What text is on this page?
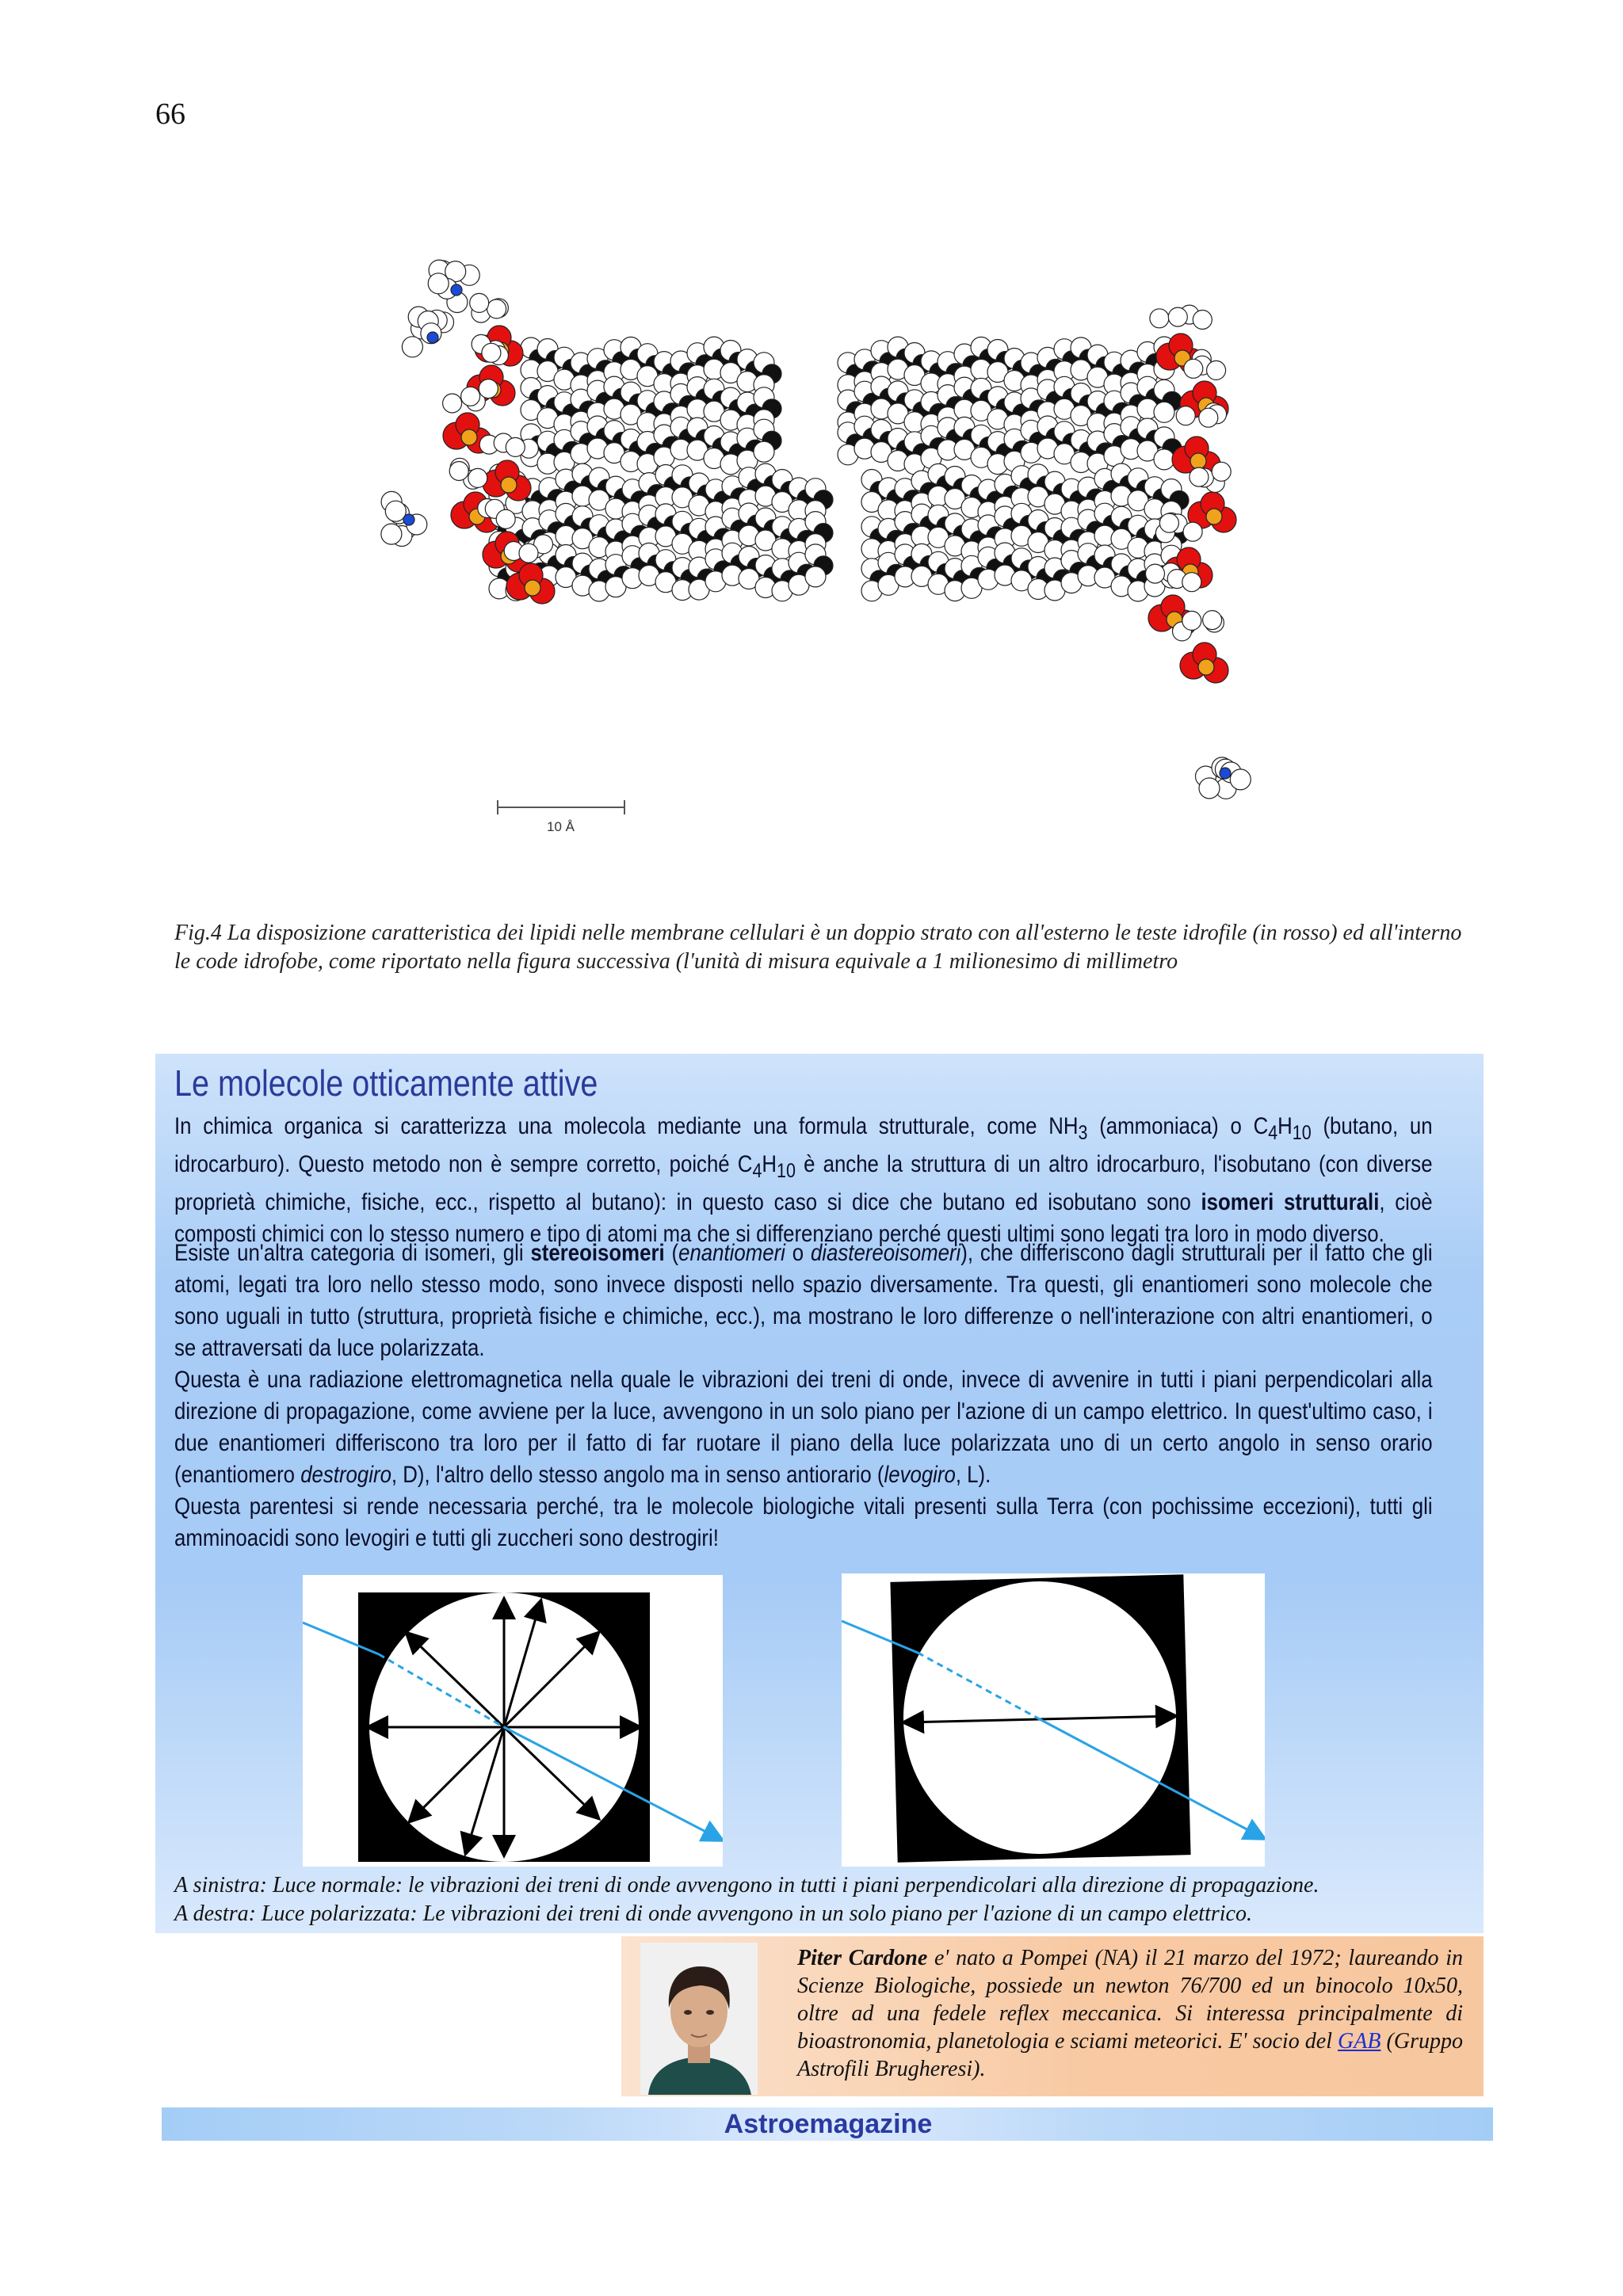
66
10 Å
Fig.4 La disposizione caratteristica dei lipidi nelle membrane cellulari è un doppio strato con all'esterno le teste idrofile (in rosso) ed all'interno le code idrofobe, come riportato nella figura successiva (l'unità di misura equivale a 1 milionesimo di millimetro
Le molecole otticamente attive
In chimica organica si caratterizza una molecola mediante una formula strutturale, come $NH_3$ (ammoniaca) o $C_4H_{10}$ (butano, un idrocarburo). Questo metodo non è sempre corretto, poiché $C_4H_{10}$ è anche la struttura di un altro idrocarburo, l'isobutano (con diverse proprietà chimiche, fisiche, ecc., rispetto al butano): in questo caso si dice che butano ed isobutano sono isomeri strutturali, cioè composti chimici con lo stesso numero e tipo di atomi ma che si differenziano perché questi ultimi sono legati tra loro in modo diverso.
Esiste un'altra categoria di isomeri, gli stereoisomeri (enantiomeri o diastereoisomeri), che differiscono dagli strutturali per il fatto che gli atomi, legati tra loro nello stesso modo, sono invece disposti nello spazio diversamente. Tra questi, gli enantiomeri sono molecole che sono uguali in tutto (struttura, proprietà fisiche e chimiche, ecc.), ma mostrano le loro differenze o nell'interazione con altri enantiomeri, o se attraversati da luce polarizzata.
Questa è una radiazione elettromagnetica nella quale le vibrazioni dei treni di onde, invece di avvenire in tutti i piani perpendicolari alla direzione di propagazione, come avviene per la luce, avvengono in un solo piano per l'azione di un campo elettrico. In quest'ultimo caso, i due enantiomeri differiscono tra loro per il fatto di far ruotare il piano della luce polarizzata uno di un certo angolo in senso orario (enantiomero destrogiro, D), l'altro dello stesso angolo ma in senso antiorario (levogiro, L).
Questa parentesi si rende necessaria perché, tra le molecole biologiche vitali presenti sulla Terra (con pochissime eccezioni), tutti gli amminoacidi sono levogiri e tutti gli zuccheri sono destrogiri!
A sinistra: Luce normale: le vibrazioni dei treni di onde avvengono in tutti i piani perpendicolari alla direzione di propagazione.
A destra: Luce polarizzata: Le vibrazioni dei treni di onde avvengono in un solo piano per l'azione di un campo elettrico.
Piter Cardone e' nato a Pompei (NA) il 21 marzo del 1972; laureando in Scienze Biologiche, possiede un newton 76/700 ed un binocolo 10x50, oltre ad una fedele reflex meccanica. Si interessa principalmente di bioastronomia, planetologia e sciami meteorici. E' socio del GAB (Gruppo Astrofili Brugheresi).
Astroemagazine
